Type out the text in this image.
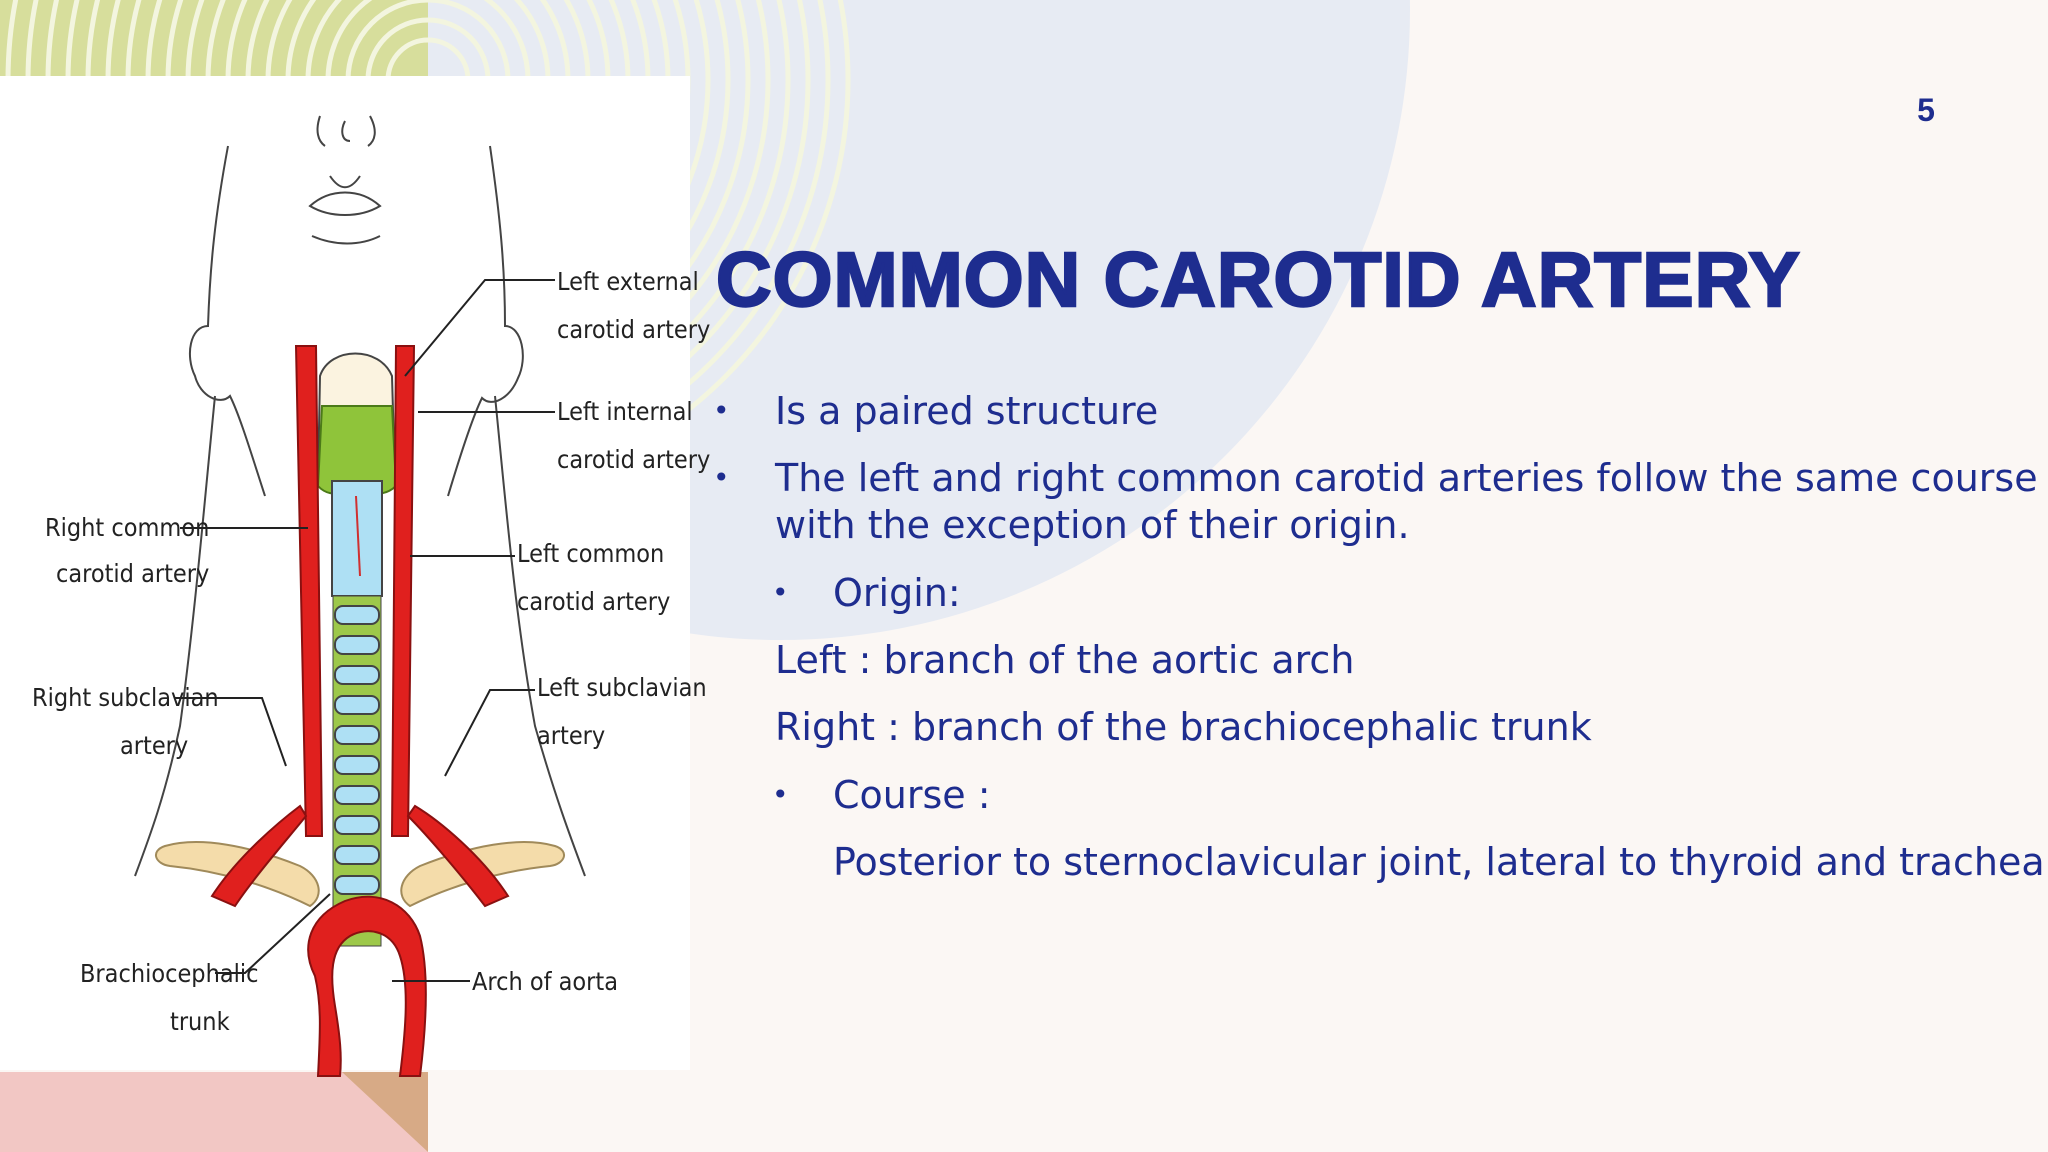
Left external
carotid artery
Left internal
carotid artery
Right common
carotid artery
Left common
carotid artery
Right subclavian
artery
Left subclavian
artery
Brachiocephalic
trunk
Arch of aorta
5
COMMON CAROTID ARTERY
• Is a paired structure
• The left and right common carotid arteries follow the same course
with the exception of their origin.
• Origin:
Left : branch of the aortic arch
Right : branch of the brachiocephalic trunk
• Course :
Posterior to sternoclavicular joint, lateral to thyroid and trachea
